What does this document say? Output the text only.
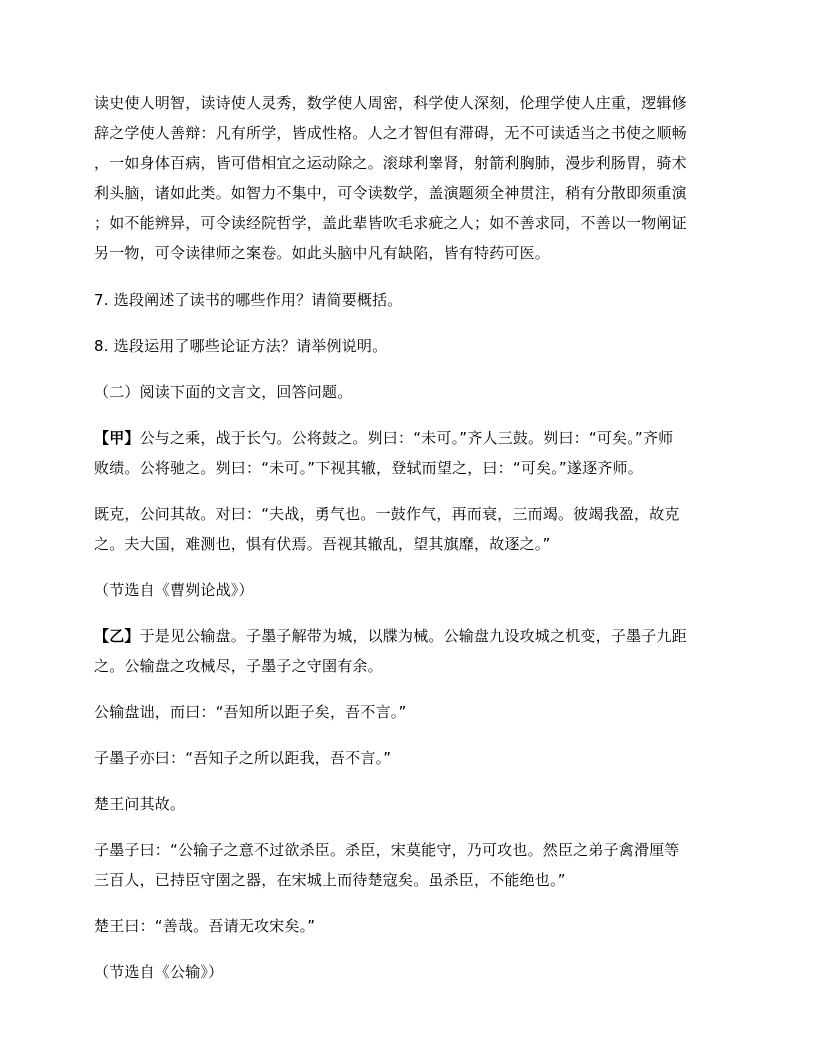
读史使人明智，读诗使人灵秀，数学使人周密，科学使人深刻，伦理学使人庄重，逻辑修
辞之学使人善辩：凡有所学，皆成性格。人之才智但有滞碍，无不可读适当之书使之顺畅
，一如身体百病，皆可借相宜之运动除之。滚球利睾肾，射箭利胸肺，漫步利肠胃，骑术
利头脑，诸如此类。如智力不集中，可令读数学，盖演题须全神贯注，稍有分散即须重演
；如不能辨异，可令读经院哲学，盖此辈皆吹毛求疵之人；如不善求同，不善以一物阐证
另一物，可令读律师之案卷。如此头脑中凡有缺陷，皆有特药可医。

7. 选段阐述了读书的哪些作用？请简要概括。

8. 选段运用了哪些论证方法？请举例说明。

（二）阅读下面的文言文，回答问题。

【甲】公与之乘，战于长勺。公将鼓之。刿曰：“未可。”齐人三鼓。刿曰：“可矣。”齐师
败绩。公将驰之。刿曰：“未可。”下视其辙，登轼而望之，曰：“可矣。”遂逐齐师。

既克，公问其故。对曰：“夫战，勇气也。一鼓作气，再而衰，三而竭。彼竭我盈，故克
之。夫大国，难测也，惧有伏焉。吾视其辙乱，望其旗靡，故逐之。”

（节选自《曹刿论战》）

【乙】于是见公输盘。子墨子解带为城，以牒为械。公输盘九设攻城之机变，子墨子九距
之。公输盘之攻械尽，子墨子之守圉有余。

公输盘诎，而曰：“吾知所以距子矣，吾不言。”

子墨子亦曰：“吾知子之所以距我，吾不言。”

楚王问其故。

子墨子曰：“公输子之意不过欲杀臣。杀臣，宋莫能守，乃可攻也。然臣之弟子禽滑厘等
三百人，已持臣守圉之器，在宋城上而待楚寇矣。虽杀臣，不能绝也。”

楚王曰：“善哉。吾请无攻宋矣。”

（节选自《公输》）
